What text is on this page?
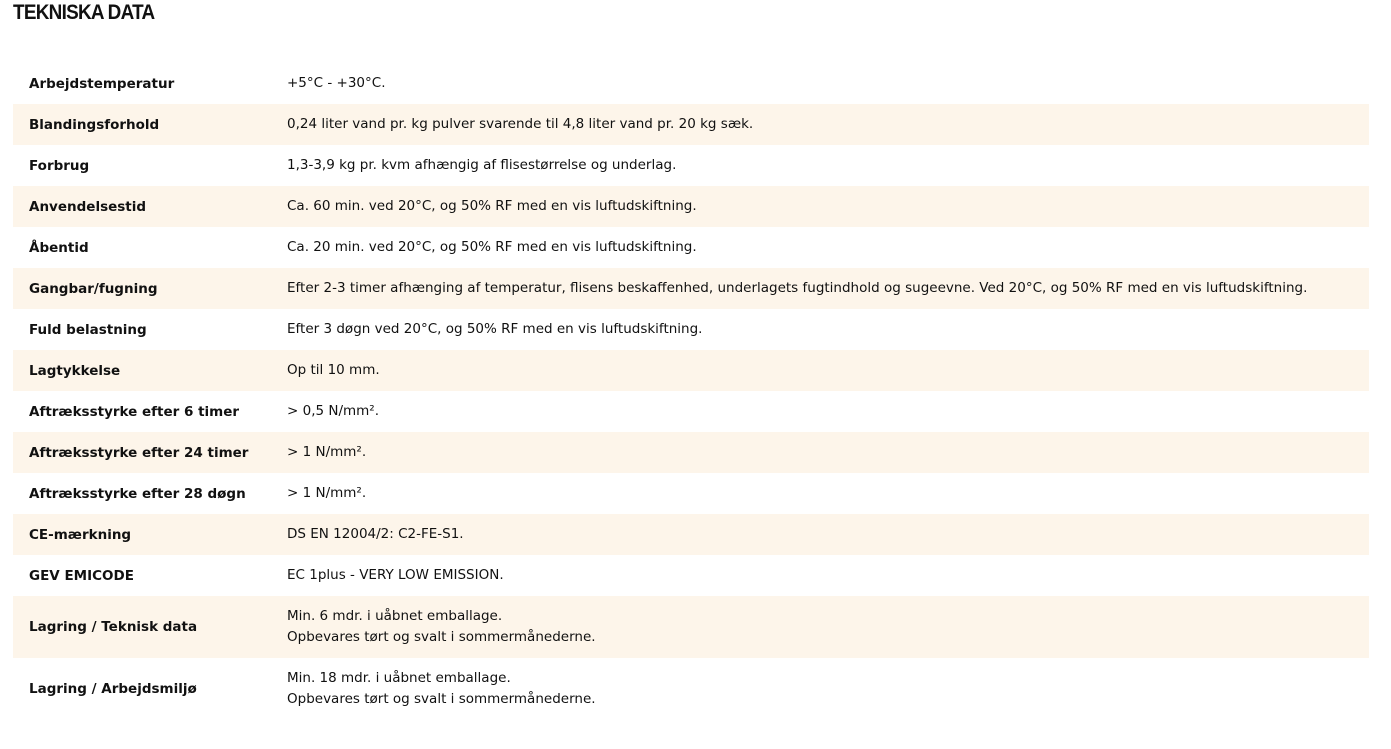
TEKNISKA DATA
Arbejdstemperatur	+5°C - +30°C.

Blandingsforhold	0,24 liter vand pr. kg pulver svarende til 4,8 liter vand pr. 20 kg sæk.

Forbrug	1,3-3,9 kg pr. kvm afhængig af flisestørrelse og underlag.

Anvendelsestid	Ca. 60 min. ved 20°C, og 50% RF med en vis luftudskiftning.

Åbentid	Ca. 20 min. ved 20°C, og 50% RF med en vis luftudskiftning.

Gangbar/fugning	Efter 2-3 timer afhænging af temperatur, flisens beskaffenhed, underlagets fugtindhold og sugeevne. Ved 20°C, og 50% RF med en vis luftudskiftning.

Fuld belastning	Efter 3 døgn ved 20°C, og 50% RF med en vis luftudskiftning.

Lagtykkelse	Op til 10 mm.

Aftræksstyrke efter 6 timer	> 0,5 N/mm².

Aftræksstyrke efter 24 timer	> 1 N/mm².

Aftræksstyrke efter 28 døgn	> 1 N/mm².

CE-mærkning	DS EN 12004/2: C2-FE-S1.

GEV EMICODE	EC 1plus - VERY LOW EMISSION.

Lagring / Teknisk data	Min. 6 mdr. i uåbnet emballage.
Opbevares tørt og svalt i sommermånederne.

Lagring / Arbejdsmiljø	Min. 18 mdr. i uåbnet emballage.
Opbevares tørt og svalt i sommermånederne.
